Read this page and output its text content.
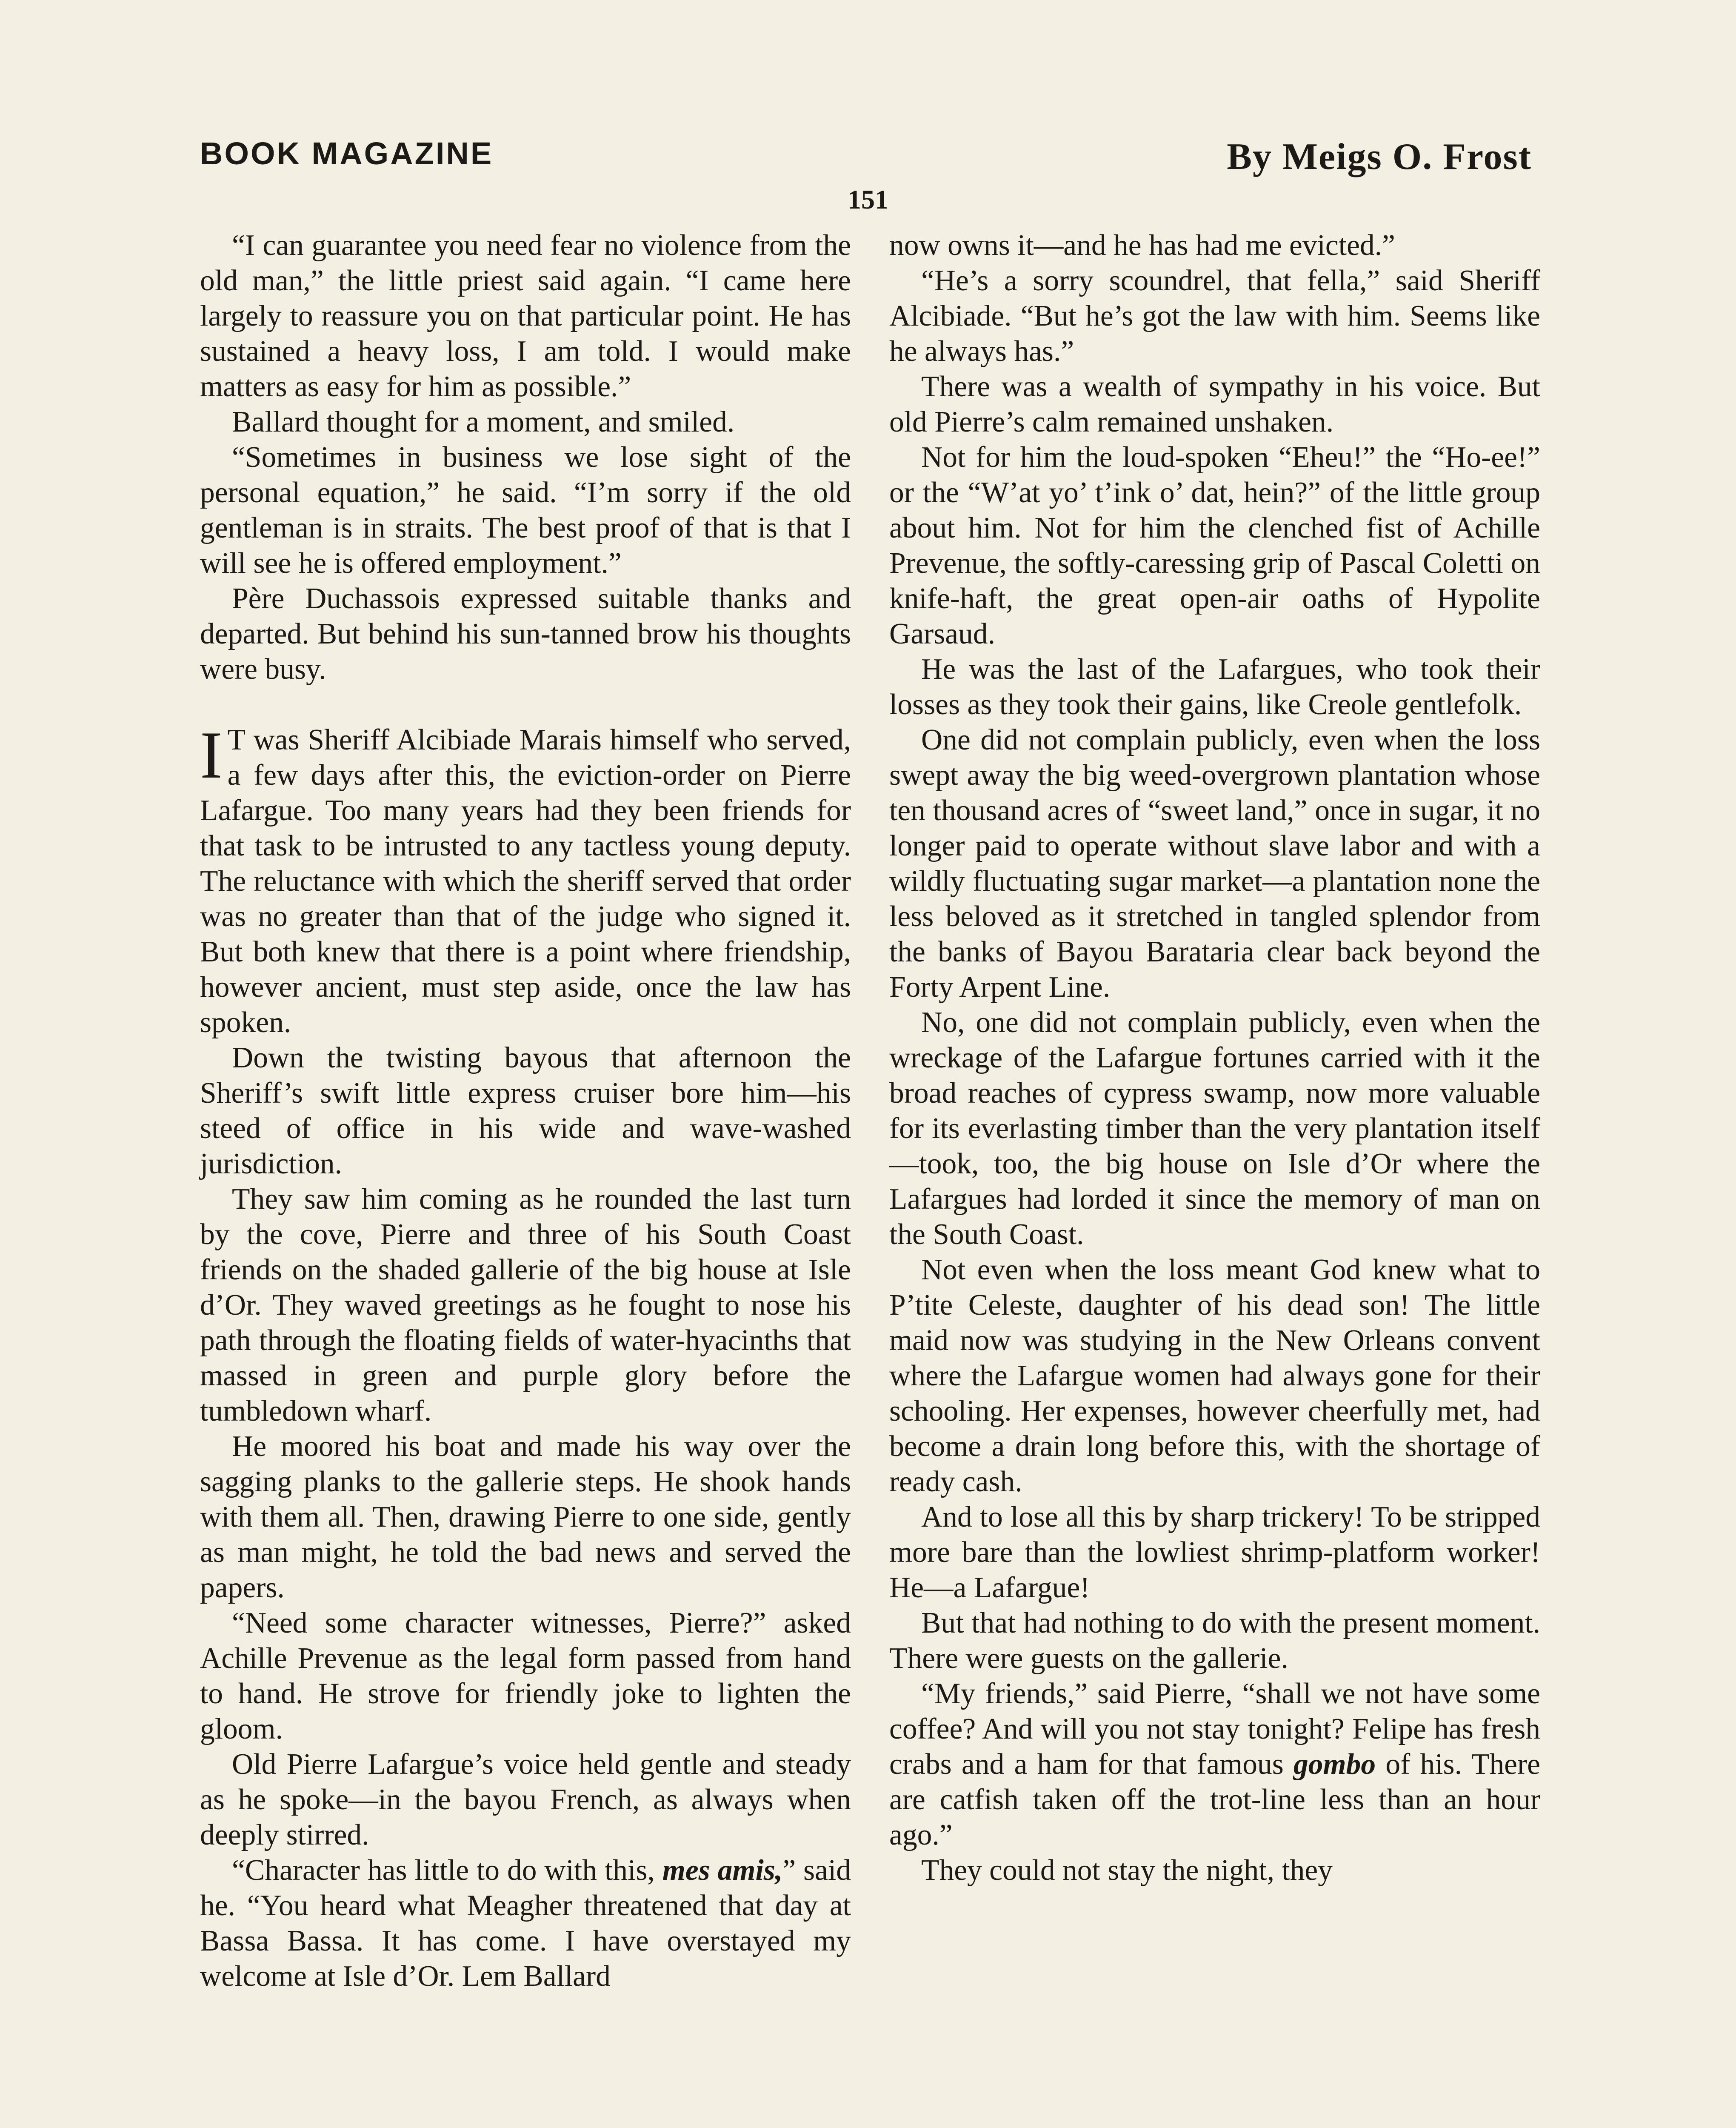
BOOK MAGAZINE	By Meigs O. Frost
151

“I can guarantee you need fear no violence from the old man,” the little priest said again. “I came here largely to reassure you on that particular point. He has sustained a heavy loss, I am told. I would make matters as easy for him as possible.”

Ballard thought for a moment, and smiled.

“Sometimes in business we lose sight of the personal equation,” he said. “I’m sorry if the old gentleman is in straits. The best proof of that is that I will see he is offered employment.”

Père Duchassois expressed suitable thanks and departed. But behind his sun-tanned brow his thoughts were busy.

I T was Sheriff Alcibiade Marais himself who served, a few days after this, the eviction-order on Pierre Lafargue. Too many years had they been friends for that task to be intrusted to any tactless young deputy. The reluctance with which the sheriff served that order was no greater than that of the judge who signed it. But both knew that there is a point where friendship, however ancient, must step aside, once the law has spoken.

Down the twisting bayous that afternoon the Sheriff’s swift little express cruiser bore him—his steed of office in his wide and wave-washed jurisdiction.

They saw him coming as he rounded the last turn by the cove, Pierre and three of his South Coast friends on the shaded gallerie of the big house at Isle d’Or. They waved greetings as he fought to nose his path through the floating fields of water-hyacinths that massed in green and purple glory before the tumbledown wharf.

He moored his boat and made his way over the sagging planks to the gallerie steps. He shook hands with them all. Then, drawing Pierre to one side, gently as man might, he told the bad news and served the papers.

“Need some character witnesses, Pierre?” asked Achille Prevenue as the legal form passed from hand to hand. He strove for friendly joke to lighten the gloom.

Old Pierre Lafargue’s voice held gentle and steady as he spoke—in the bayou French, as always when deeply stirred.

“Character has little to do with this, mes amis,” said he. “You heard what Meagher threatened that day at Bassa Bassa. It has come. I have overstayed my welcome at Isle d’Or. Lem Ballard

now owns it—and he has had me evicted.”

“He’s a sorry scoundrel, that fella,” said Sheriff Alcibiade. “But he’s got the law with him. Seems like he always has.”

There was a wealth of sympathy in his voice. But old Pierre’s calm remained unshaken.

Not for him the loud-spoken “Eheu!” the “Ho-ee!” or the “W’at yo’ t’ink o’ dat, hein?” of the little group about him. Not for him the clenched fist of Achille Prevenue, the softly-caressing grip of Pascal Coletti on knife-haft, the great open-air oaths of Hypolite Garsaud.

He was the last of the Lafargues, who took their losses as they took their gains, like Creole gentlefolk.

One did not complain publicly, even when the loss swept away the big weed-overgrown plantation whose ten thousand acres of “sweet land,” once in sugar, it no longer paid to operate without slave labor and with a wildly fluctuating sugar market—a plantation none the less beloved as it stretched in tangled splendor from the banks of Bayou Barataria clear back beyond the Forty Arpent Line.

No, one did not complain publicly, even when the wreckage of the Lafargue fortunes carried with it the broad reaches of cypress swamp, now more valuable for its everlasting timber than the very plantation itself—took, too, the big house on Isle d’Or where the Lafargues had lorded it since the memory of man on the South Coast.

Not even when the loss meant God knew what to P’tite Celeste, daughter of his dead son! The little maid now was studying in the New Orleans convent where the Lafargue women had always gone for their schooling. Her expenses, however cheerfully met, had become a drain long before this, with the shortage of ready cash.

And to lose all this by sharp trickery! To be stripped more bare than the lowliest shrimp-platform worker! He—a Lafargue!

But that had nothing to do with the present moment. There were guests on the gallerie.

“My friends,” said Pierre, “shall we not have some coffee? And will you not stay tonight? Felipe has fresh crabs and a ham for that famous gombo of his. There are catfish taken off the trot-line less than an hour ago.”

They could not stay the night, they
